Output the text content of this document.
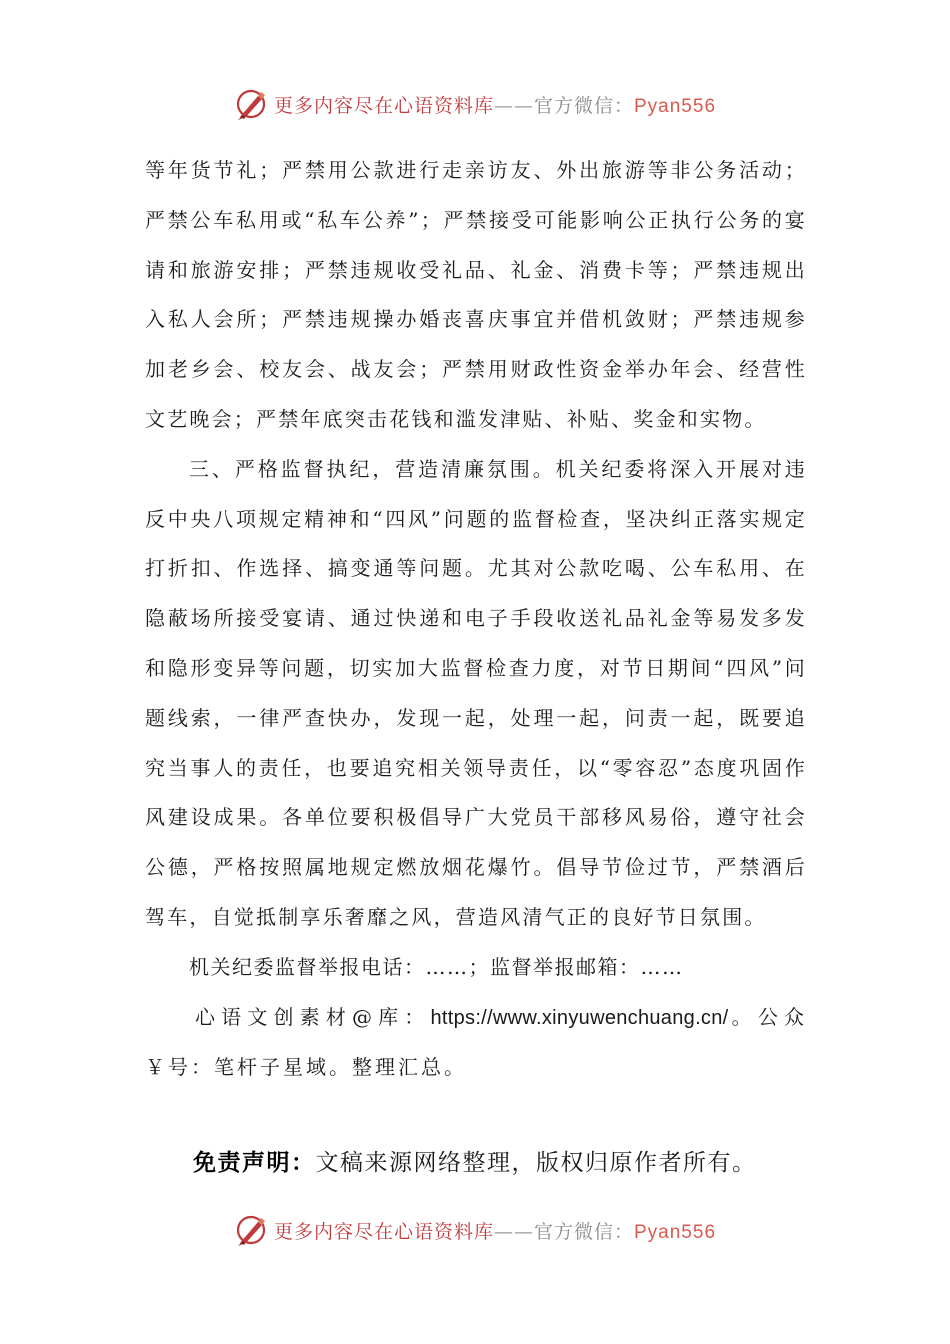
更多内容尽在心语资料库——官方微信：Pyan556

等年货节礼；严禁用公款进行走亲访友、外出旅游等非公务活动；严禁公车私用或“私车公养”；严禁接受可能影响公正执行公务的宴请和旅游安排；严禁违规收受礼品、礼金、消费卡等；严禁违规出入私人会所；严禁违规操办婚丧喜庆事宜并借机敛财；严禁违规参加老乡会、校友会、战友会；严禁用财政性资金举办年会、经营性文艺晚会；严禁年底突击花钱和滥发津贴、补贴、奖金和实物。

三、严格监督执纪，营造清廉氛围。机关纪委将深入开展对违反中央八项规定精神和“四风”问题的监督检查，坚决纠正落实规定打折扣、作选择、搞变通等问题。尤其对公款吃喝、公车私用、在隐蔽场所接受宴请、通过快递和电子手段收送礼品礼金等易发多发和隐形变异等问题，切实加大监督检查力度，对节日期间“四风”问题线索，一律严查快办，发现一起，处理一起，问责一起，既要追究当事人的责任，也要追究相关领导责任，以“零容忍”态度巩固作风建设成果。各单位要积极倡导广大党员干部移风易俗，遵守社会公德，严格按照属地规定燃放烟花爆竹。倡导节俭过节，严禁酒后驾车，自觉抵制享乐奢靡之风，营造风清气正的良好节日氛围。

机关纪委监督举报电话：……；监督举报邮箱：……

心语文创素材@库：https://www.xinyuwenchuang.cn/。公众￥号：笔杆子星域。整理汇总。

免责声明：文稿来源网络整理，版权归原作者所有。
更多内容尽在心语资料库——官方微信：Pyan556
